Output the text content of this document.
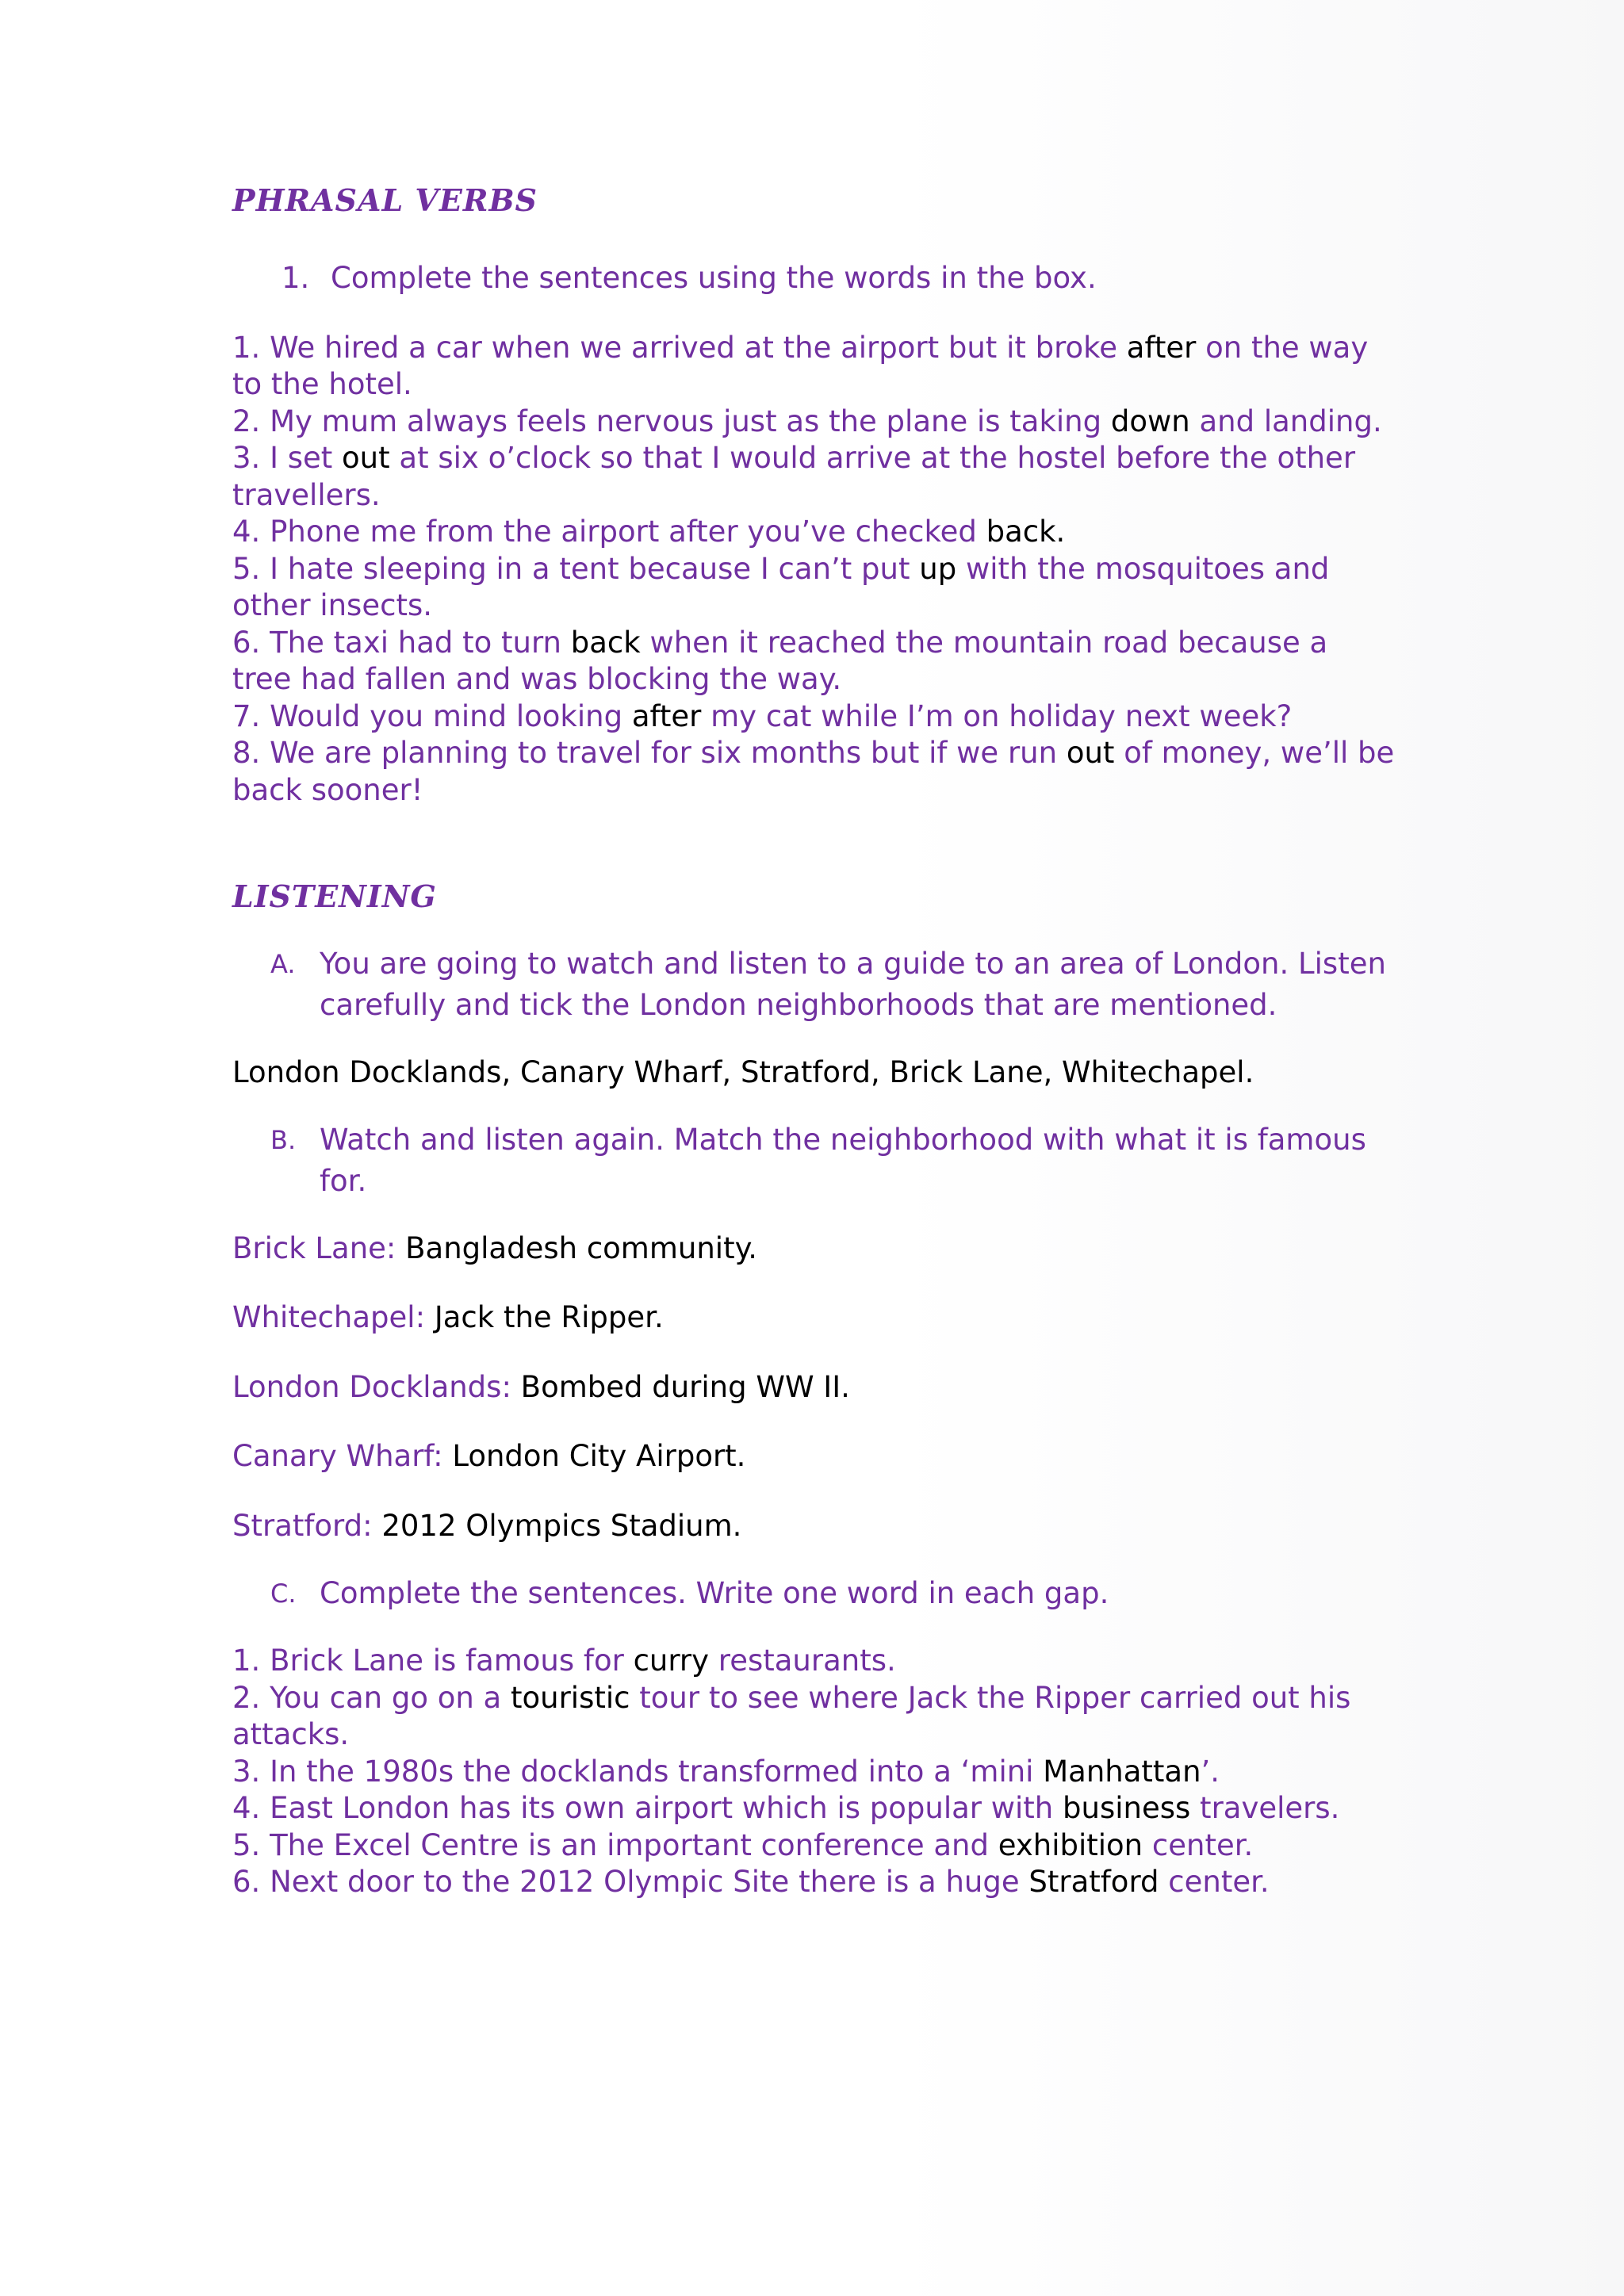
PHRASAL VERBS
1. Complete the sentences using the words in the box.

1. We hired a car when we arrived at the airport but it broke after on the way

to the hotel.

2. My mum always feels nervous just as the plane is taking down and landing.

3. I set out at six o’clock so that I would arrive at the hostel before the other

travellers.

4. Phone me from the airport after you’ve checked back.

5. I hate sleeping in a tent because I can’t put up with the mosquitoes and

other insects.

6. The taxi had to turn back when it reached the mountain road because a

tree had fallen and was blocking the way.

7. Would you mind looking after my cat while I’m on holiday next week?

8. We are planning to travel for six months but if we run out of money, we’ll be

back sooner!

LISTENING
A. You are going to watch and listen to a guide to an area of London. Listen
carefully and tick the London neighborhoods that are mentioned.

London Docklands, Canary Wharf, Stratford, Brick Lane, Whitechapel.

B. Watch and listen again. Match the neighborhood with what it is famous
for.

Brick Lane: Bangladesh community.

Whitechapel: Jack the Ripper.

London Docklands: Bombed during WW II.

Canary Wharf: London City Airport.

Stratford: 2012 Olympics Stadium.

C. Complete the sentences. Write one word in each gap.

1. Brick Lane is famous for curry restaurants.

2. You can go on a touristic tour to see where Jack the Ripper carried out his

attacks.

3. In the 1980s the docklands transformed into a ‘mini Manhattan’.

4. East London has its own airport which is popular with business travelers.

5. The Excel Centre is an important conference and exhibition center.

6. Next door to the 2012 Olympic Site there is a huge Stratford center.
